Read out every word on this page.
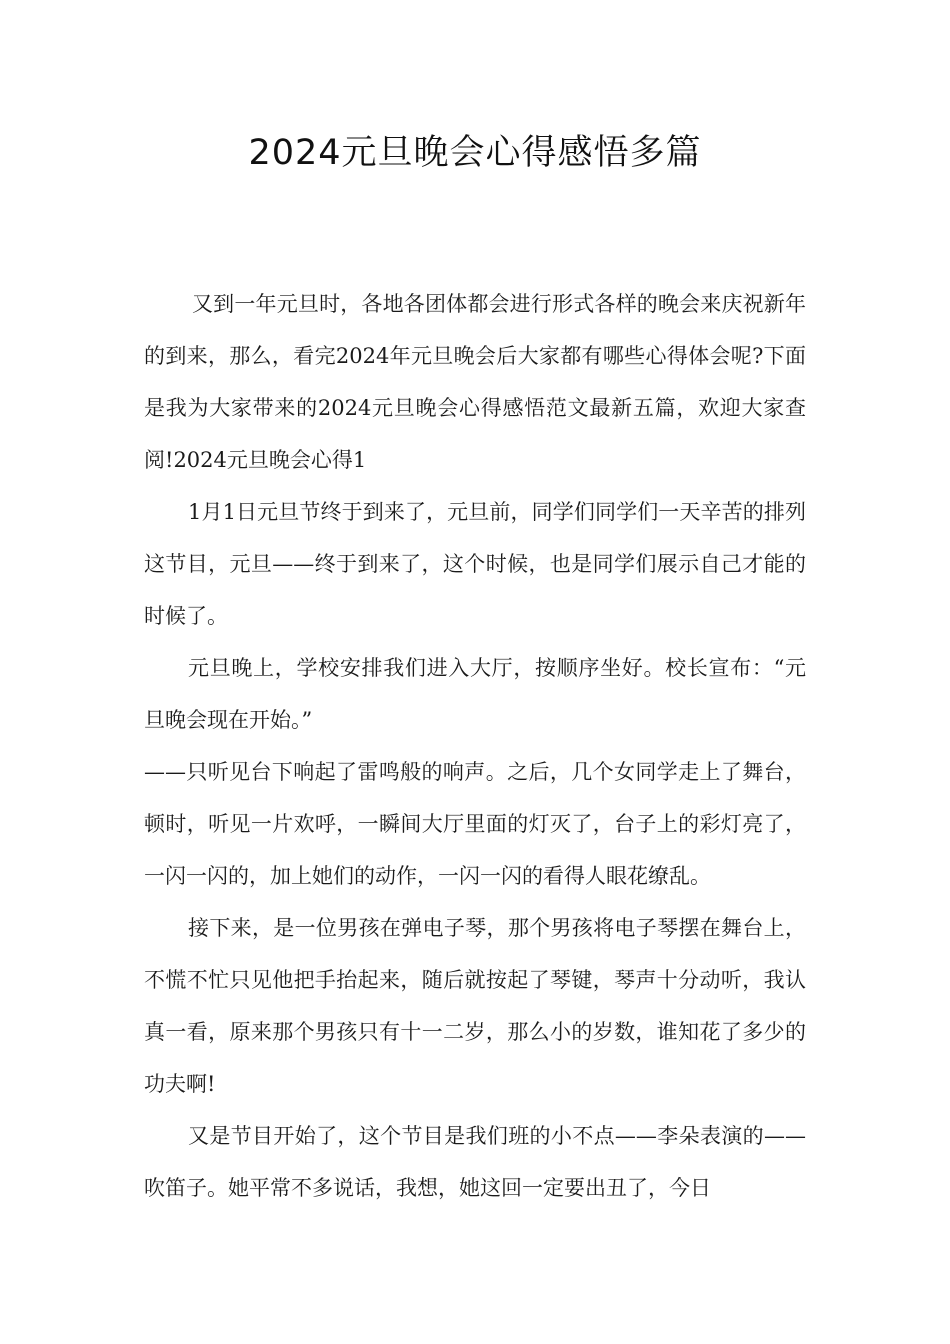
2024元旦晚会心得感悟多篇

又到一年元旦时，各地各团体都会进行形式各样的晚会来庆祝新年的到来，那么，看完2024年元旦晚会后大家都有哪些心得体会呢?下面是我为大家带来的2024元旦晚会心得感悟范文最新五篇，欢迎大家查阅!2024元旦晚会心得1

1月1日元旦节终于到来了，元旦前，同学们同学们一天辛苦的排列这节目，元旦——终于到来了，这个时候，也是同学们展示自己才能的时候了。

元旦晚上，学校安排我们进入大厅，按顺序坐好。校长宣布：“元旦晚会现在开始。”

——只听见台下响起了雷鸣般的响声。之后，几个女同学走上了舞台，顿时，听见一片欢呼，一瞬间大厅里面的灯灭了，台子上的彩灯亮了，一闪一闪的，加上她们的动作，一闪一闪的看得人眼花缭乱。

接下来，是一位男孩在弹电子琴，那个男孩将电子琴摆在舞台上，不慌不忙只见他把手抬起来，随后就按起了琴键，琴声十分动听，我认真一看，原来那个男孩只有十一二岁，那么小的岁数，谁知花了多少的功夫啊!

又是节目开始了，这个节目是我们班的小不点——李朵表演的——吹笛子。她平常不多说话，我想，她这回一定要出丑了，今日
